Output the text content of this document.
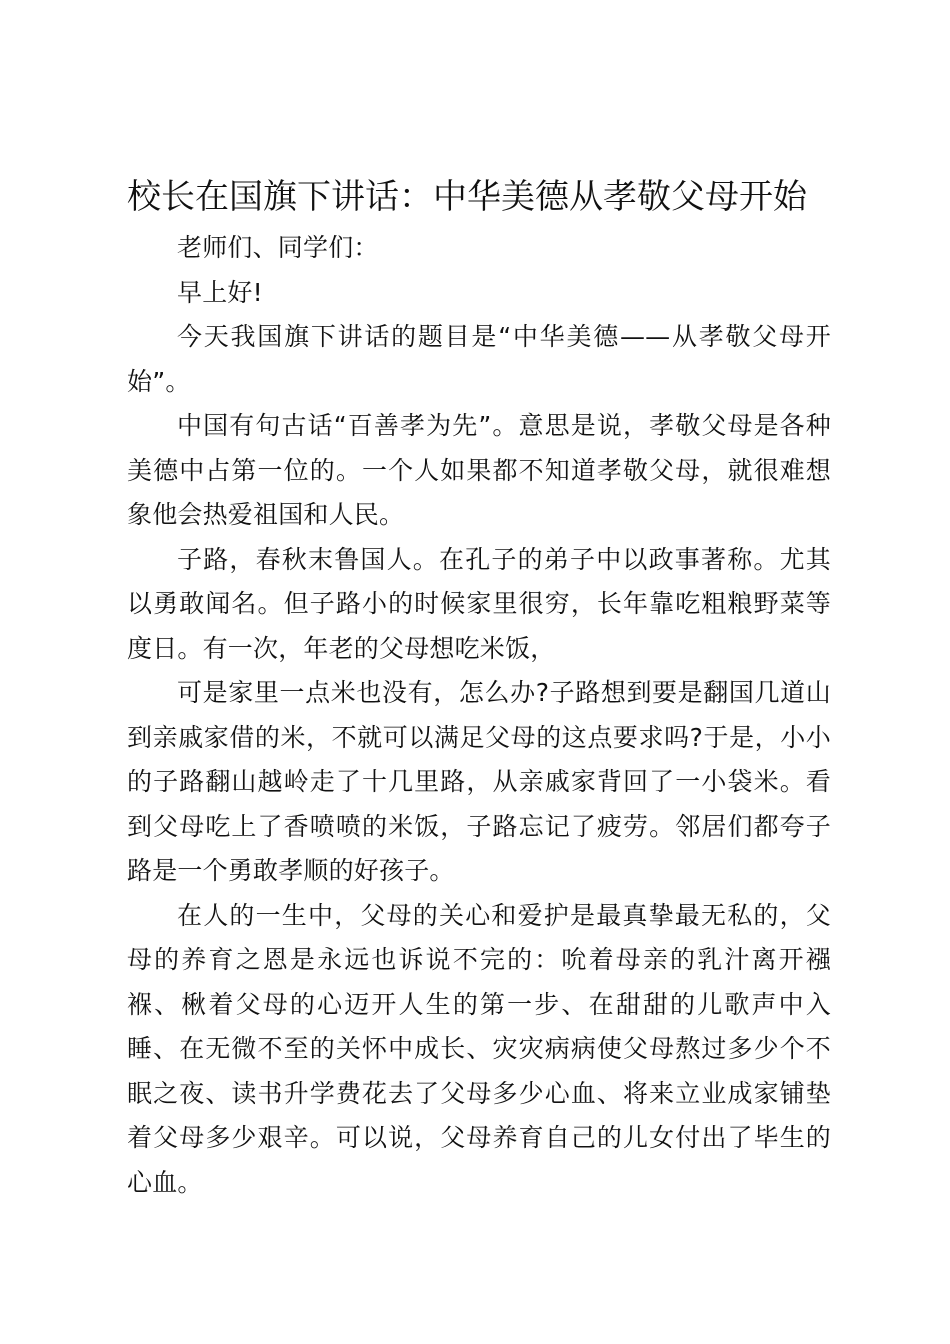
校长在国旗下讲话：中华美德从孝敬父母开始

老师们、同学们：

早上好!

今天我国旗下讲话的题目是“中华美德——从孝敬父母开始”。

中国有句古话“百善孝为先”。意思是说，孝敬父母是各种美德中占第一位的。一个人如果都不知道孝敬父母，就很难想象他会热爱祖国和人民。

子路，春秋末鲁国人。在孔子的弟子中以政事著称。尤其以勇敢闻名。但子路小的时候家里很穷，长年靠吃粗粮野菜等度日。有一次，年老的父母想吃米饭，

可是家里一点米也没有，怎么办?子路想到要是翻国几道山到亲戚家借的米，不就可以满足父母的这点要求吗?于是，小小的子路翻山越岭走了十几里路，从亲戚家背回了一小袋米。看到父母吃上了香喷喷的米饭，子路忘记了疲劳。邻居们都夸子路是一个勇敢孝顺的好孩子。

在人的一生中，父母的关心和爱护是最真挚最无私的，父母的养育之恩是永远也诉说不完的：吮着母亲的乳汁离开襁褓、楸着父母的心迈开人生的第一步、在甜甜的儿歌声中入睡、在无微不至的关怀中成长、灾灾病病使父母熬过多少个不眠之夜、读书升学费花去了父母多少心血、将来立业成家铺垫着父母多少艰辛。可以说，父母养育自己的儿女付出了毕生的心血。
